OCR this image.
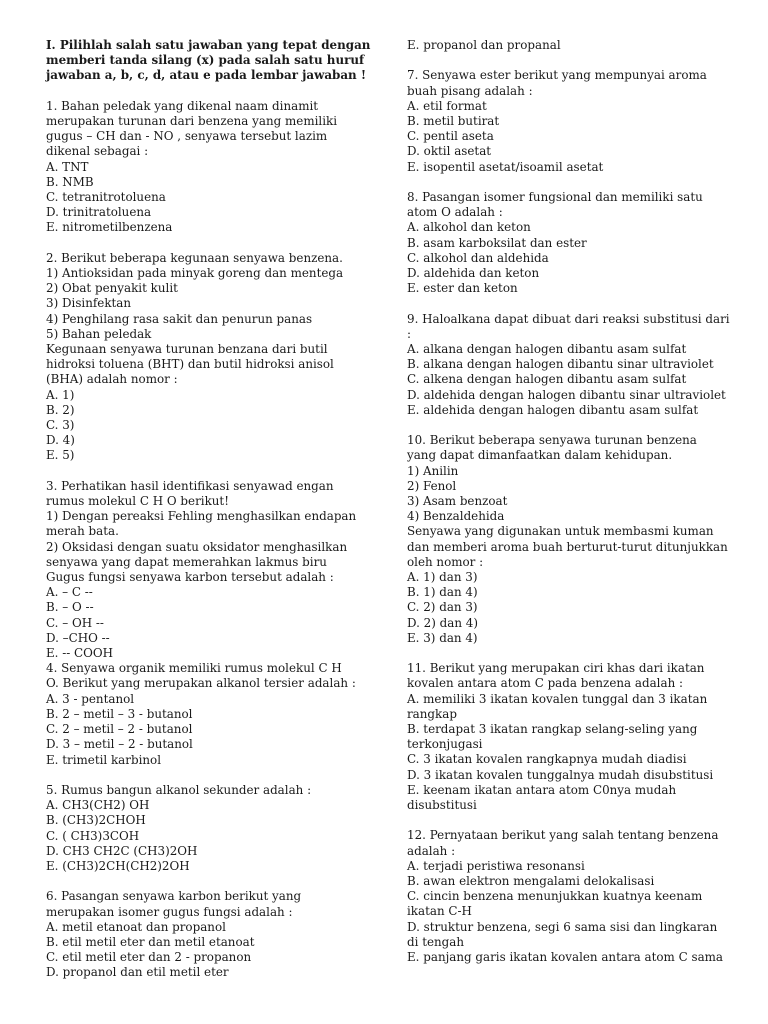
I. Pilihlah salah satu jawaban yang tepat dengan
memberi tanda silang (x) pada salah satu huruf
jawaban a, b, c, d, atau e pada lembar jawaban !
1. Bahan peledak yang dikenal naam dinamit
merupakan turunan dari benzena yang memiliki
gugus – CH dan - NO , senyawa tersebut lazim
dikenal sebagai :
A. TNT
B. NMB
C. tetranitrotoluena
D. trinitratoluena
E. nitrometilbenzena
2. Berikut beberapa kegunaan senyawa benzena.
1) Antioksidan pada minyak goreng dan mentega
2) Obat penyakit kulit
3) Disinfektan
4) Penghilang rasa sakit dan penurun panas
5) Bahan peledak
Kegunaan senyawa turunan benzana dari butil
hidroksi toluena (BHT) dan butil hidroksi anisol
(BHA) adalah nomor :
A. 1)
B. 2)
C. 3)
D. 4)
E. 5)
3. Perhatikan hasil identifikasi senyawad engan
rumus molekul C H O berikut!
1) Dengan pereaksi Fehling menghasilkan endapan
merah bata.
2) Oksidasi dengan suatu oksidator menghasilkan
senyawa yang dapat memerahkan lakmus biru
Gugus fungsi senyawa karbon tersebut adalah :
A. – C --
B. – O --
C. – OH --
D. –CHO --
E. -- COOH
4. Senyawa organik memiliki rumus molekul C H
O. Berikut yang merupakan alkanol tersier adalah :
A. 3 - pentanol
B. 2 – metil – 3 - butanol
C. 2 – metil – 2 - butanol
D. 3 – metil – 2 - butanol
E. trimetil karbinol
5. Rumus bangun alkanol sekunder adalah :
A. CH3(CH2) OH
B. (CH3)2CHOH
C. ( CH3)3COH
D. CH3 CH2C (CH3)2OH
E. (CH3)2CH(CH2)2OH
6. Pasangan senyawa karbon berikut yang
merupakan isomer gugus fungsi adalah :
A. metil etanoat dan propanol
B. etil metil eter dan metil etanoat
C. etil metil eter dan 2 - propanon
D. propanol dan etil metil eter
E. propanol dan propanal
7. Senyawa ester berikut yang mempunyai aroma
buah pisang adalah :
A. etil format
B. metil butirat
C. pentil aseta
D. oktil asetat
E. isopentil asetat/isoamil asetat
8. Pasangan isomer fungsional dan memiliki satu
atom O adalah :
A. alkohol dan keton
B. asam karboksilat dan ester
C. alkohol dan aldehida
D. aldehida dan keton
E. ester dan keton
9. Haloalkana dapat dibuat dari reaksi substitusi dari
:
A. alkana dengan halogen dibantu asam sulfat
B. alkana dengan halogen dibantu sinar ultraviolet
C. alkena dengan halogen dibantu asam sulfat
D. aldehida dengan halogen dibantu sinar ultraviolet
E. aldehida dengan halogen dibantu asam sulfat
10. Berikut beberapa senyawa turunan benzena
yang dapat dimanfaatkan dalam kehidupan.
1) Anilin
2) Fenol
3) Asam benzoat
4) Benzaldehida
Senyawa yang digunakan untuk membasmi kuman
dan memberi aroma buah berturut-turut ditunjukkan
oleh nomor :
A. 1) dan 3)
B. 1) dan 4)
C. 2) dan 3)
D. 2) dan 4)
E. 3) dan 4)
11. Berikut yang merupakan ciri khas dari ikatan
kovalen antara atom C pada benzena adalah :
A. memiliki 3 ikatan kovalen tunggal dan 3 ikatan
rangkap
B. terdapat 3 ikatan rangkap selang-seling yang
terkonjugasi
C. 3 ikatan kovalen rangkapnya mudah diadisi
D. 3 ikatan kovalen tunggalnya mudah disubstitusi
E. keenam ikatan antara atom C0nya mudah
disubstitusi
12. Pernyataan berikut yang salah tentang benzena
adalah :
A. terjadi peristiwa resonansi
B. awan elektron mengalami delokalisasi
C. cincin benzena menunjukkan kuatnya keenam
ikatan C-H
D. struktur benzena, segi 6 sama sisi dan lingkaran
di tengah
E. panjang garis ikatan kovalen antara atom C sama
